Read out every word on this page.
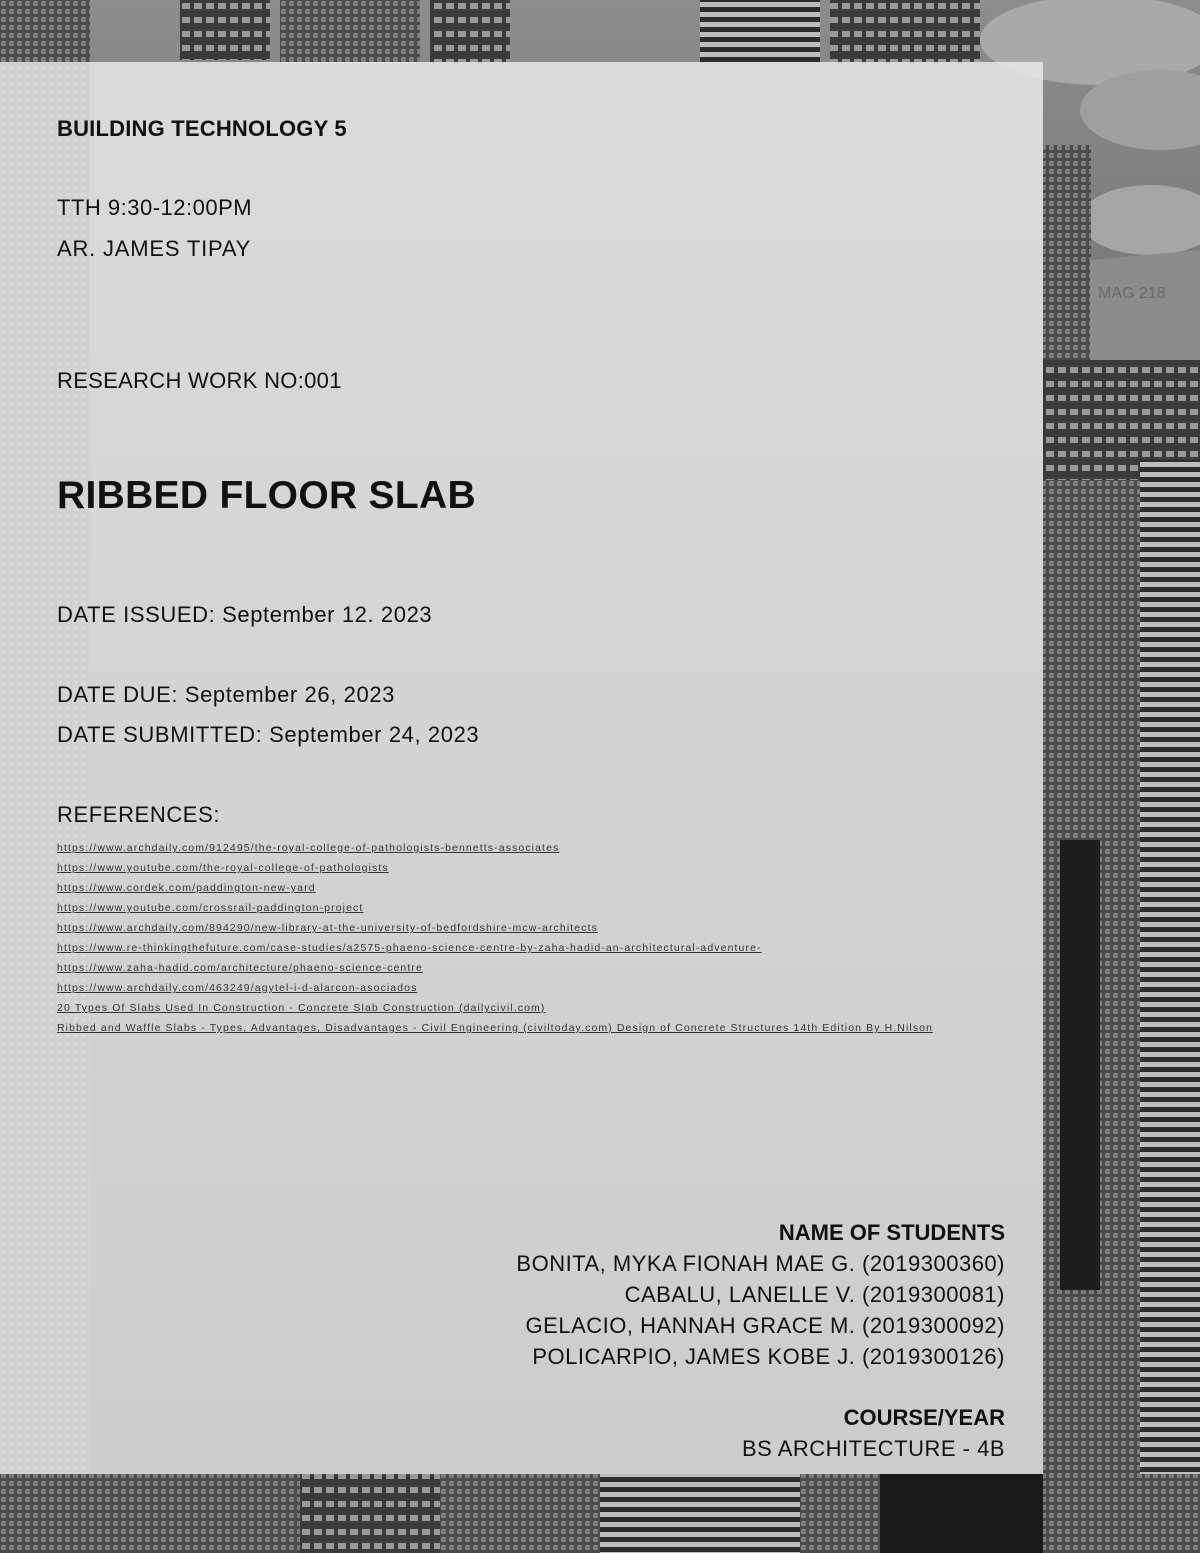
MAG 218
BUILDING TECHNOLOGY 5
TTH 9:30-12:00PM
AR. JAMES TIPAY
RESEARCH WORK NO:001
RIBBED FLOOR SLAB
DATE ISSUED: September 12. 2023
DATE DUE: September 26, 2023
DATE SUBMITTED: September 24, 2023
REFERENCES:
https://www.archdaily.com/912495/the-royal-college-of-pathologists-bennetts-associates
https://www.youtube.com/the-royal-college-of-pathologists
https://www.cordek.com/paddington-new-yard
https://www.youtube.com/crossrail-paddington-project
https://www.archdaily.com/894290/new-library-at-the-university-of-bedfordshire-mcw-architects
https://www.re-thinkingthefuture.com/case-studies/a2575-phaeno-science-centre-by-zaha-hadid-an-architectural-adventure-
https://www.zaha-hadid.com/architecture/phaeno-science-centre
https://www.archdaily.com/463249/agytel-i-d-alarcon-asociados
20 Types Of Slabs Used In Construction - Concrete Slab Construction (dailycivil.com)
Ribbed and Waffle Slabs - Types, Advantages, Disadvantages - Civil Engineering (civiltoday.com) Design of Concrete Structures 14th Edition By H.Nilson
NAME OF STUDENTS
BONITA, MYKA FIONAH MAE G. (2019300360)
CABALU, LANELLE V. (2019300081)
GELACIO, HANNAH GRACE M. (2019300092)
POLICARPIO, JAMES KOBE J. (2019300126)
COURSE/YEAR
BS ARCHITECTURE - 4B
